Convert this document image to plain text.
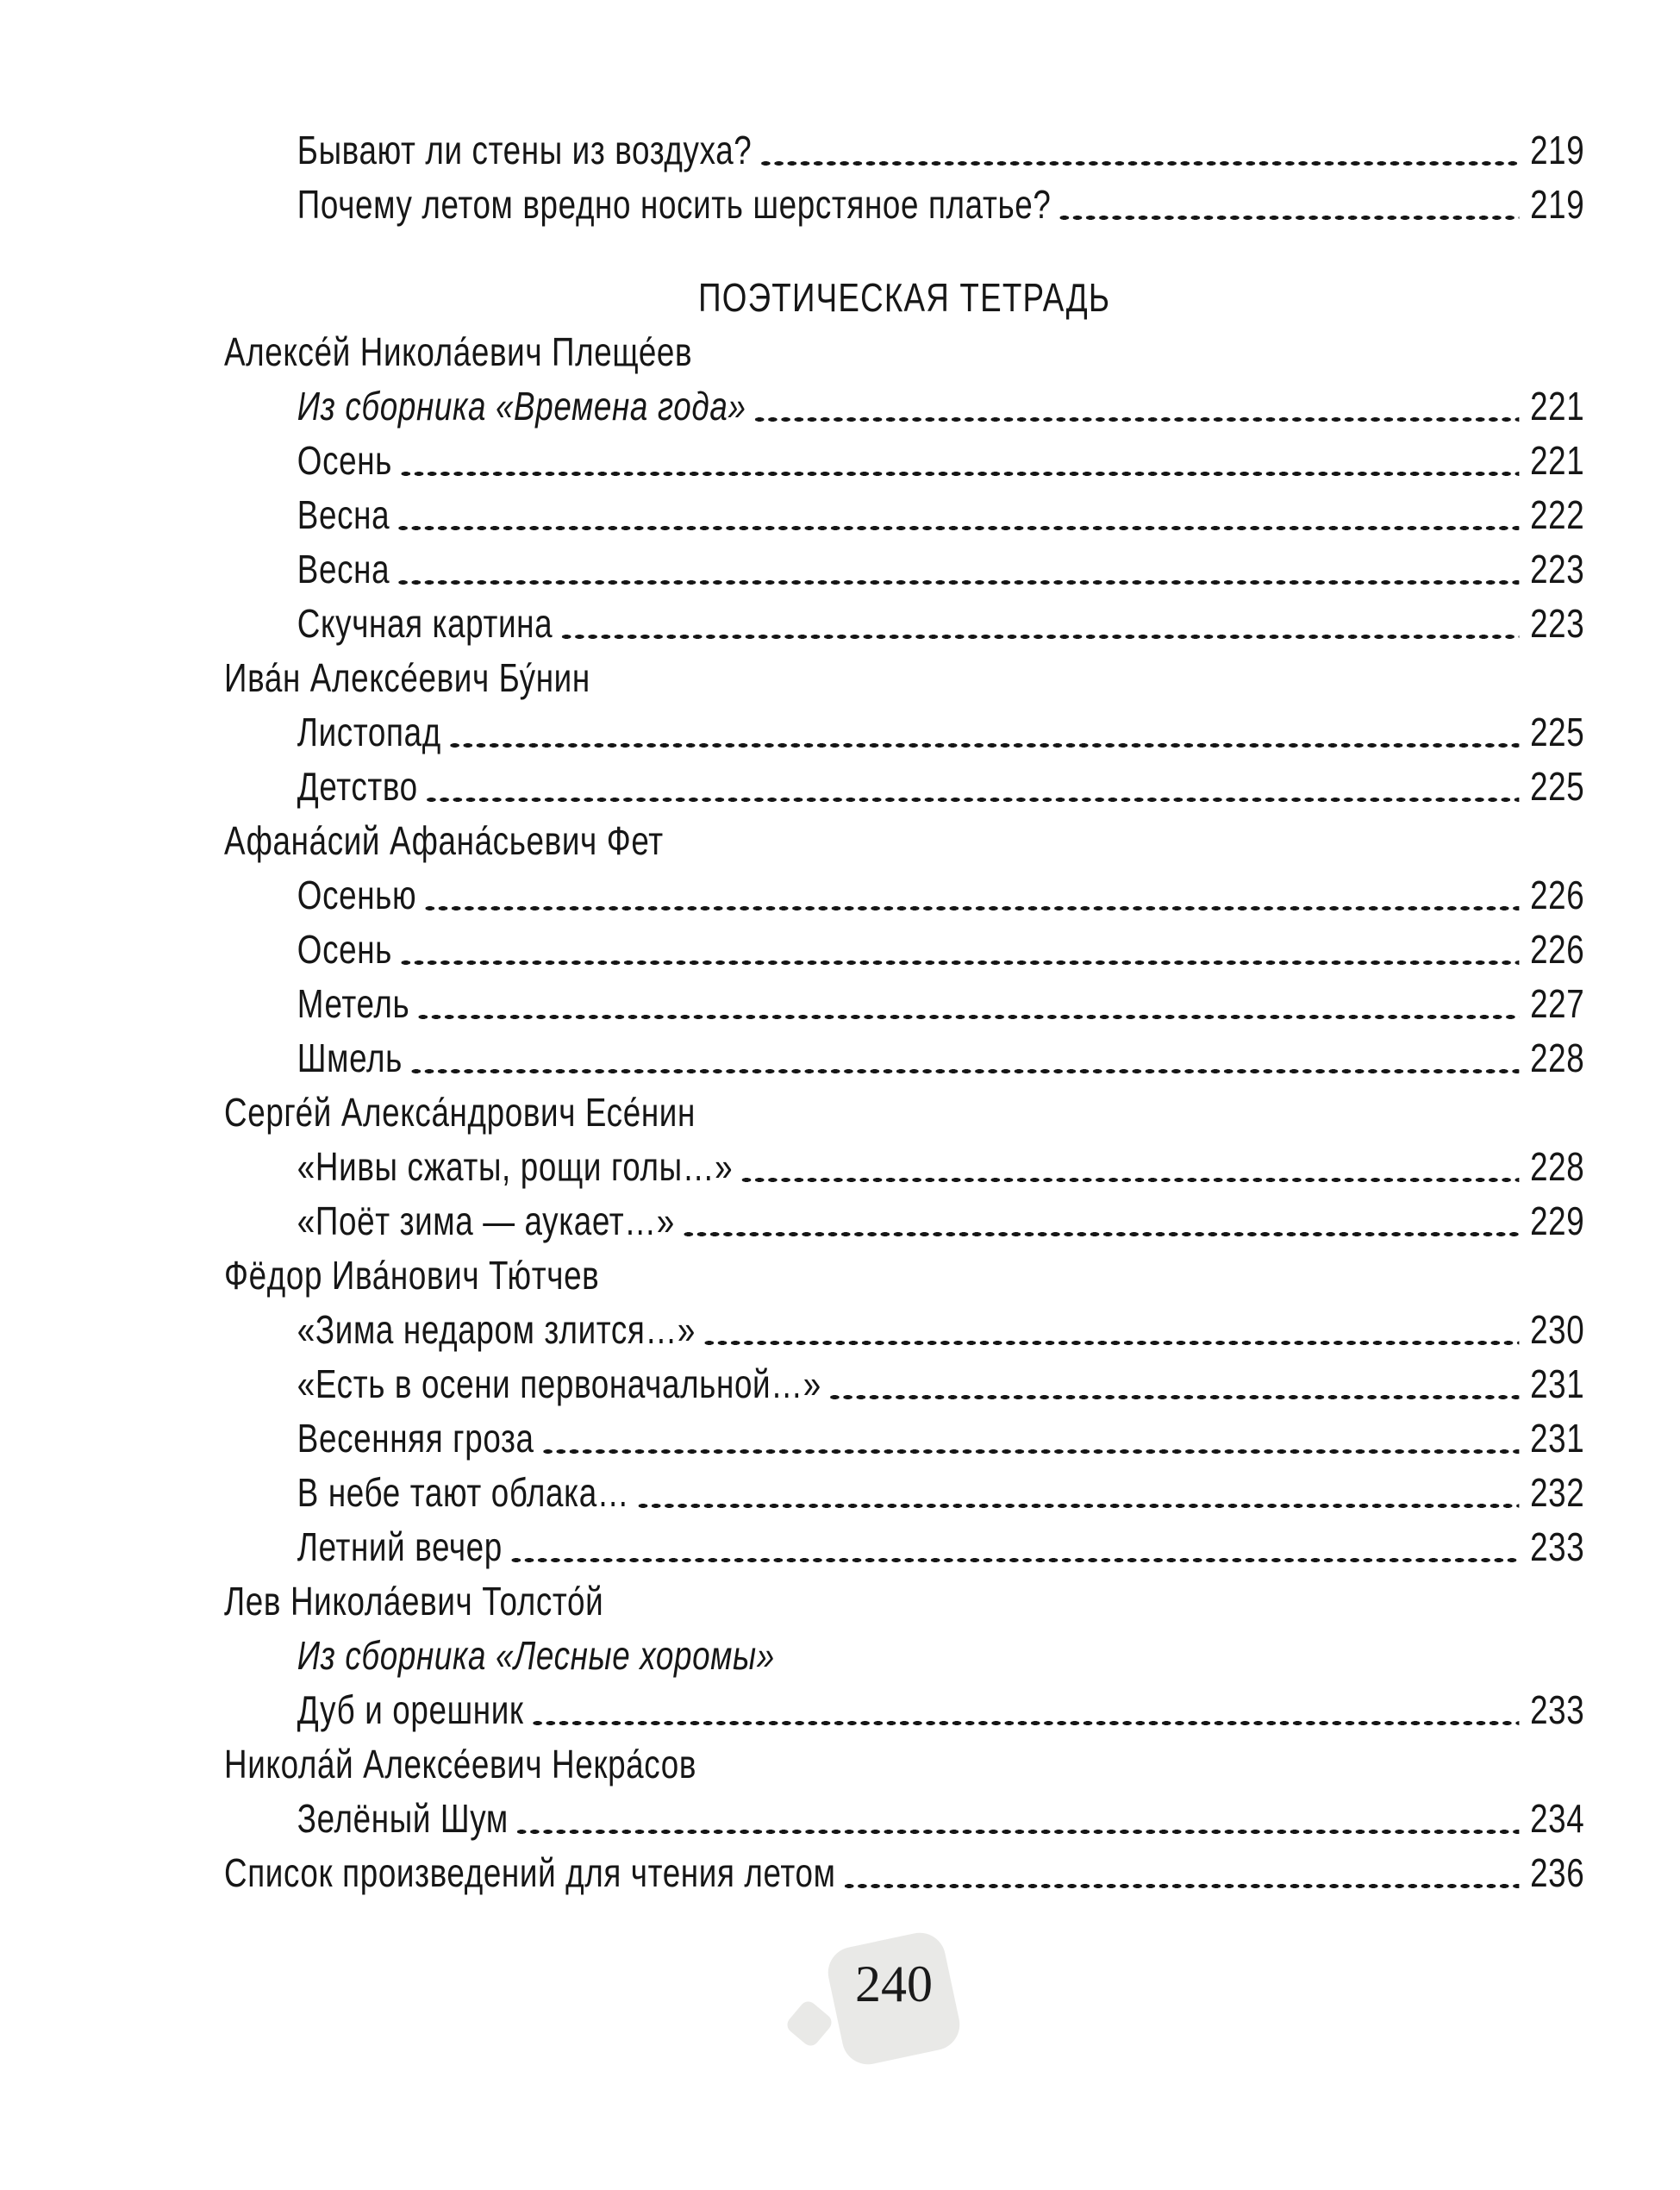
Бывают ли стены из воздуха?	219
Почему летом вредно носить шерстяное платье?	219
ПОЭТИЧЕСКАЯ ТЕТРАДЬ
Алексе́й Никола́евич Плеще́ев
Из сборника «Времена года»	221
Осень	221
Весна	222
Весна	223
Скучная картина	223
Ива́н Алексе́евич Бу́нин
Листопад	225
Детство	225
Афана́сий Афана́сьевич Фет
Осенью	226
Осень	226
Метель	227
Шмель	228
Серге́й Алекса́ндрович Есе́нин
«Нивы сжаты, рощи голы…»	228
«Поёт зима — аукает…»	229
Фёдор Ива́нович Тю́тчев
«Зима недаром злится…»	230
«Есть в осени первоначальной…»	231
Весенняя гроза	231
В небе тают облака…	232
Летний вечер	233
Лев Никола́евич Толсто́й
Из сборника «Лесные хоромы»
Дуб и орешник	233
Никола́й Алексе́евич Некра́сов
Зелёный Шум	234
Список произведений для чтения летом	236
240
